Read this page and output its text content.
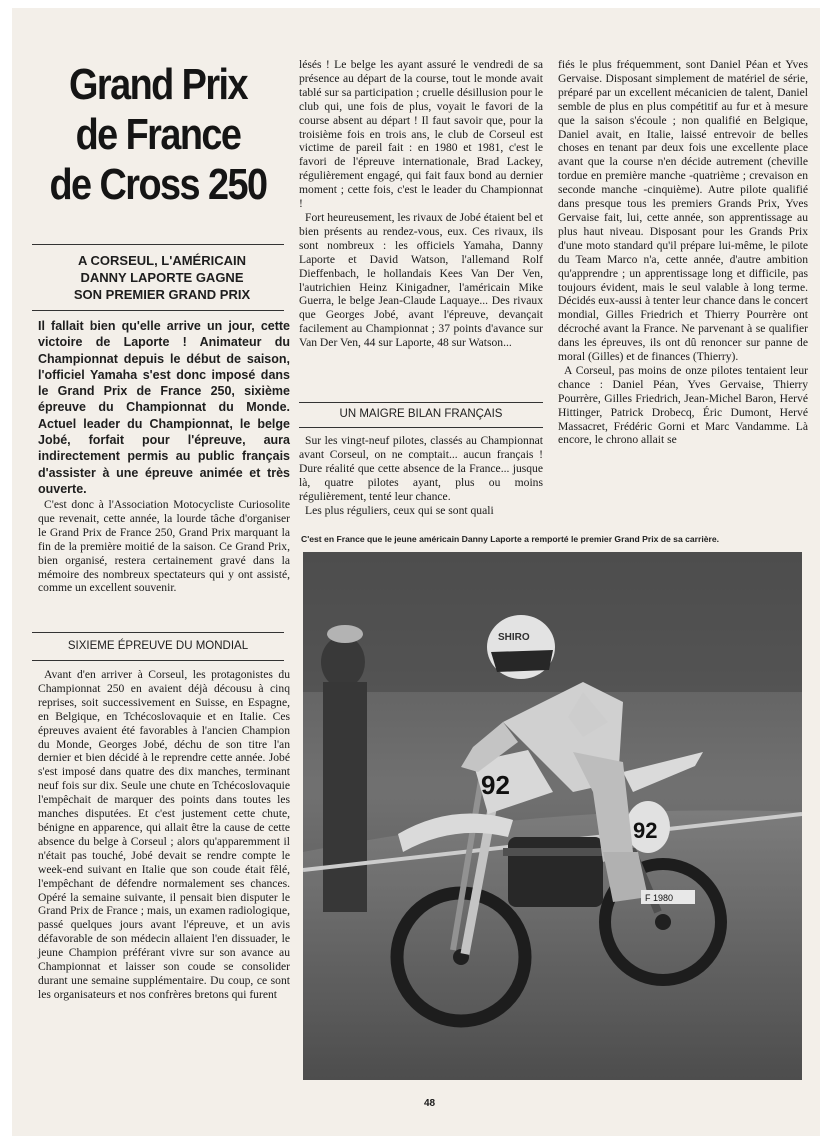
Grand Prix
de France
de Cross 250
A CORSEUL, L'AMÉRICAIN
DANNY LAPORTE GAGNE
SON PREMIER GRAND PRIX
Il fallait bien qu'elle arrive un jour, cette victoire de Laporte ! Animateur du Championnat depuis le début de saison, l'officiel Yamaha s'est donc imposé dans le Grand Prix de France 250, sixième épreuve du Championnat du Monde. Actuel leader du Championnat, le belge Jobé, forfait pour l'épreuve, aura indirectement permis au public français d'assister à une épreuve animée et très ouverte.

C'est donc à l'Association Motocycliste Curiosolite que revenait, cette année, la lourde tâche d'organiser le Grand Prix de France 250, Grand Prix marquant la fin de la première moitié de la saison. Ce Grand Prix, bien organisé, restera certainement gravé dans la mémoire des nombreux spectateurs qui y ont assisté, comme un excellent souvenir.

SIXIEME ÉPREUVE DU MONDIAL

Avant d'en arriver à Corseul, les protagonistes du Championnat 250 en avaient déjà décousu à cinq reprises, soit successivement en Suisse, en Espagne, en Belgique, en Tchécoslovaquie et en Italie. Ces épreuves avaient été favorables à l'ancien Champion du Monde, Georges Jobé, déchu de son titre l'an dernier et bien décidé à le reprendre cette année. Jobé s'est imposé dans quatre des dix manches, terminant neuf fois sur dix. Seule une chute en Tchécoslovaquie l'empêchait de marquer des points dans toutes les manches disputées. Et c'est justement cette chute, bénigne en apparence, qui allait être la cause de cette absence du belge à Corseul ; alors qu'apparemment il n'était pas touché, Jobé devait se rendre compte le week-end suivant en Italie que son coude était fêlé, l'empêchant de défendre normalement ses chances. Opéré la semaine suivante, il pensait bien disputer le Grand Prix de France ; mais, un examen radiologique, passé quelques jours avant l'épreuve, et un avis défavorable de son médecin allaient l'en dissuader, le jeune Champion préférant vivre sur son avance au Championnat et laisser son coude se consolider durant une semaine supplémentaire. Du coup, ce sont les organisateurs et nos confrères bretons qui furent

lésés ! Le belge les ayant assuré le vendredi de sa présence au départ de la course, tout le monde avait tablé sur sa participation ; cruelle désillusion pour le club qui, une fois de plus, voyait le favori de la course absent au départ ! Il faut savoir que, pour la troisième fois en trois ans, le club de Corseul est victime de pareil fait : en 1980 et 1981, c'est le favori de l'épreuve internationale, Brad Lackey, régulièrement engagé, qui fait faux bond au dernier moment ; cette fois, c'est le leader du Championnat !

Fort heureusement, les rivaux de Jobé étaient bel et bien présents au rendez-vous, eux. Ces rivaux, ils sont nombreux : les officiels Yamaha, Danny Laporte et David Watson, l'allemand Rolf Dieffenbach, le hollandais Kees Van Der Ven, l'autrichien Heinz Kinigadner, l'américain Mike Guerra, le belge Jean-Claude Laquaye... Des rivaux que Georges Jobé, avant l'épreuve, devançait facilement au Championnat ; 37 points d'avance sur Van Der Ven, 44 sur Laporte, 48 sur Watson...

UN MAIGRE BILAN FRANÇAIS

Sur les vingt-neuf pilotes, classés au Championnat avant Corseul, on ne comptait... aucun français ! Dure réalité que cette absence de la France... jusque là, quatre pilotes ayant, plus ou moins régulièrement, tenté leur chance.

Les plus réguliers, ceux qui se sont quali

fiés le plus fréquemment, sont Daniel Péan et Yves Gervaise. Disposant simplement de matériel de série, préparé par un excellent mécanicien de talent, Daniel semble de plus en plus compétitif au fur et à mesure que la saison s'écoule ; non qualifié en Belgique, Daniel avait, en Italie, laissé entrevoir de belles choses en tenant par deux fois une excellente place avant que la course n'en décide autrement (cheville tordue en première manche -quatrième ; crevaison en seconde manche -cinquième). Autre pilote qualifié dans presque tous les premiers Grands Prix, Yves Gervaise fait, lui, cette année, son apprentissage au plus haut niveau. Disposant pour les Grands Prix d'une moto standard qu'il prépare lui-même, le pilote du Team Marco n'a, cette année, d'autre ambition qu'apprendre ; un apprentissage long et difficile, pas toujours évident, mais le seul valable à long terme. Décidés eux-aussi à tenter leur chance dans le concert mondial, Gilles Friedrich et Thierry Pourrère ont décroché avant la France. Ne parvenant à se qualifier dans les épreuves, ils ont dû renoncer sur panne de moral (Gilles) et de finances (Thierry).

A Corseul, pas moins de onze pilotes tentaient leur chance : Daniel Péan, Yves Gervaise, Thierry Pourrère, Gilles Friedrich, Jean-Michel Baron, Hervé Hittinger, Patrick Drobecq, Éric Dumont, Hervé Massacret, Frédéric Gorni et Marc Vandamme. Là encore, le chrono allait se

C'est en France que le jeune américain Danny Laporte a remporté le premier Grand Prix de sa carrière.
92
92
SHIRO
F 1980
48
